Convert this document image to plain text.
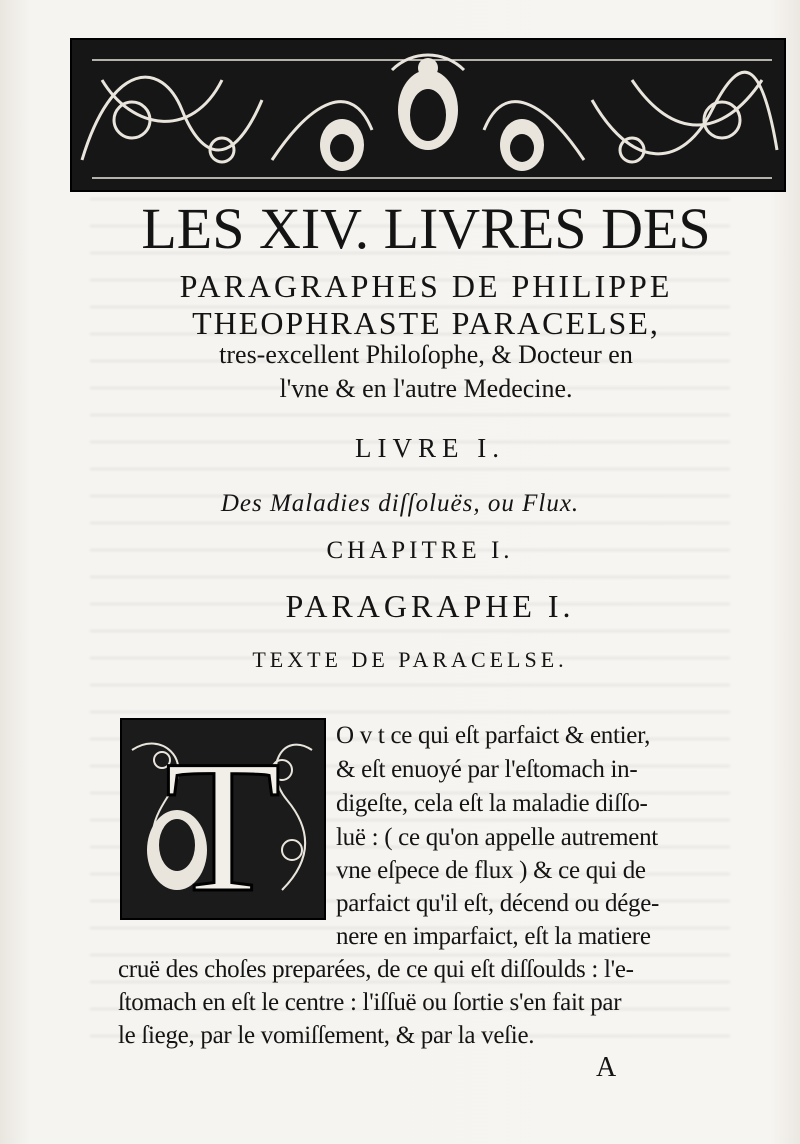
LES XIV. LIVRES DES
PARAGRAPHES DE PHILIPPE
THEOPHRASTE PARACELSE,
tres-excellent Philoſophe, & Docteur en
l'vne & en l'autre Medecine.
LIVRE I.
Des Maladies diſſoluës, ou Flux.
CHAPITRE I.
PARAGRAPHE I.
TEXTE DE PARACELSE.
T O v t ce qui eſt parfaict & entier,
& eſt enuoyé par l'eſtomach in-
digeſte, cela eſt la maladie diſſo-
luë : ( ce qu'on appelle autrement
vne eſpece de flux ) & ce qui de
parfaict qu'il eſt, décend ou dége-
nere en imparfaict, eſt la matiere
cruë des choſes preparées, de ce qui eſt diſſoulds : l'e-
ſtomach en eſt le centre : l'iſſuë ou ſortie s'en fait par
le ſiege, par le vomiſſement, & par la veſie.
A
